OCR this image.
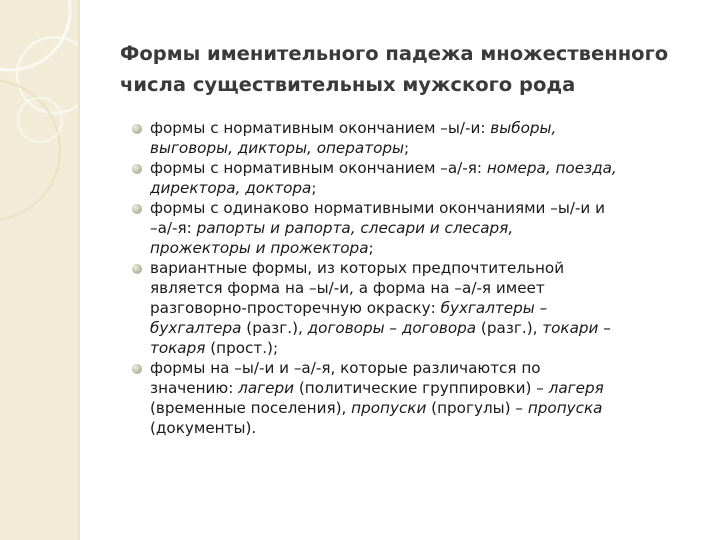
Формы именительного падежа множественного
числа существительных мужского рода
формы с нормативным окончанием –ы/-и: выборы,
выговоры, дикторы, операторы;
формы с нормативным окончанием –а/-я: номера, поезда,
директора, доктора;
формы с одинаково нормативными окончаниями –ы/-и и
–а/-я: рапорты и рапорта, слесари и слесаря,
прожекторы и прожектора;
вариантные формы, из которых предпочтительной
является форма на –ы/-и, а форма на –а/-я имеет
разговорно-просторечную окраску: бухгалтеры –
бухгалтера (разг.), договоры – договора (разг.), токари –
токаря (прост.);
формы на –ы/-и и –а/-я, которые различаются по
значению: лагери (политические группировки) – лагеря
(временные поселения), пропуски (прогулы) – пропуска
(документы).
